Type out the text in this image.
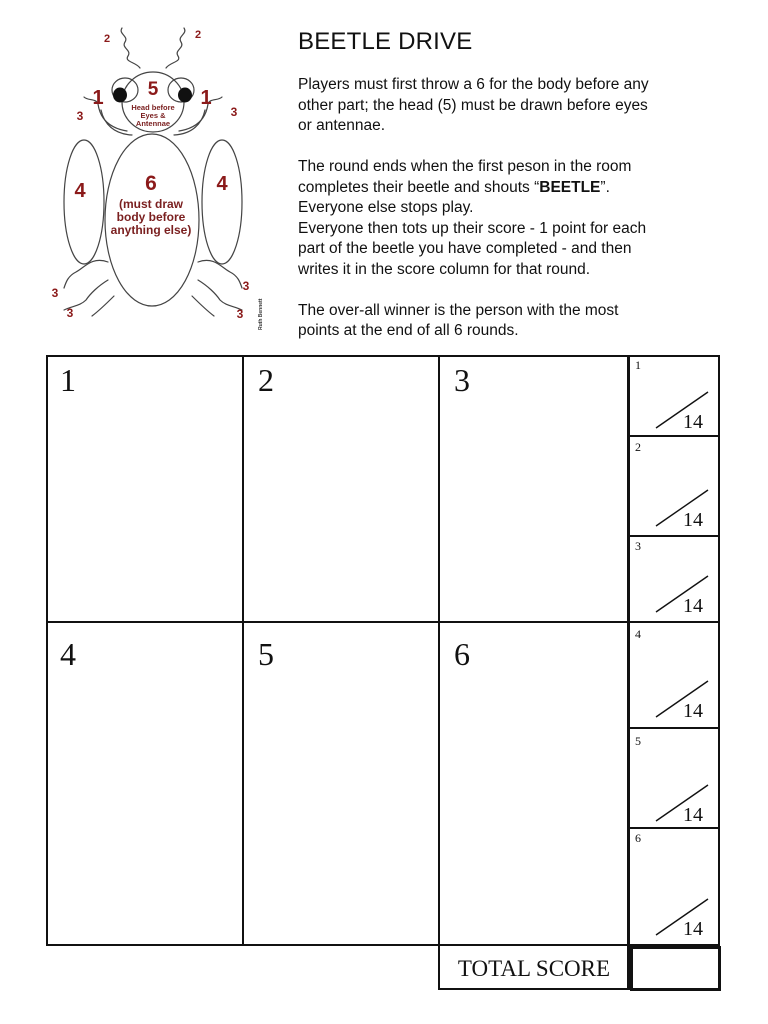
2	2
1	1
5
Head before
Eyes &
Antennae
6
(must draw
body before
anything else)
4	4
3	3
3	3
3	3	Ruth Bennett
BEETLE DRIVE

Players must first throw a 6 for the body before any

other part; the head (5) must be drawn before eyes

or antennae.

The round ends when the first peson in the room

completes their beetle and shouts “BEETLE”.

Everyone else stops play.

Everyone then tots up their score - 1 point for each

part of the beetle you have completed - and then

writes it in the score column for that round.

The over-all winner is the person with the most

points at the end of all 6 rounds.

1	2	3
4	5	6
1
14
2
14
3
14
4
14
5
14
6
14
TOTAL SCORE
